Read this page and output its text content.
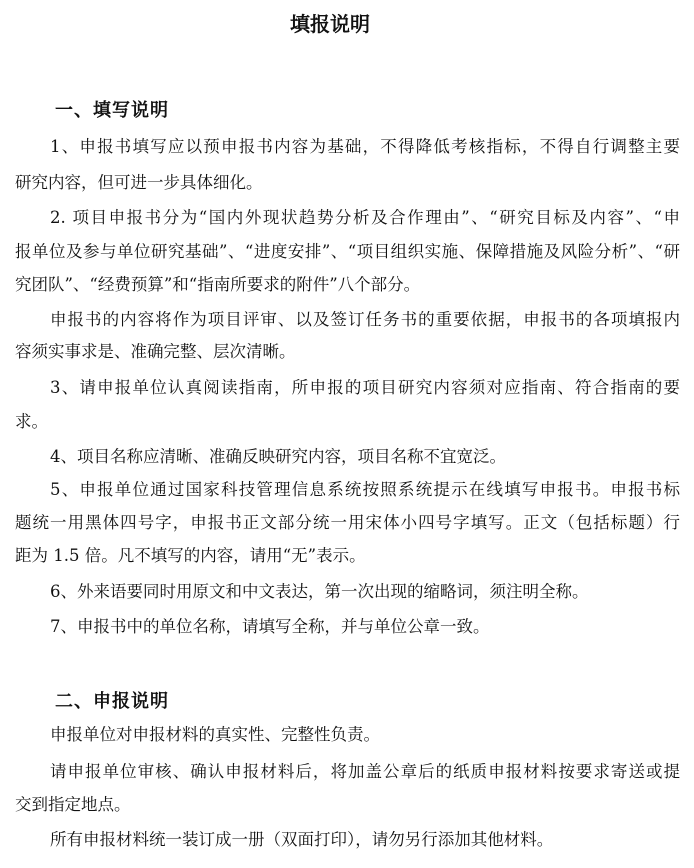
填报说明
一、填写说明
1、申报书填写应以预申报书内容为基础，不得降低考核指标，不得自行调整主要
研究内容，但可进一步具体细化。
2. 项目申报书分为“国内外现状趋势分析及合作理由”、“研究目标及内容”、“申
报单位及参与单位研究基础”、“进度安排”、“项目组织实施、保障措施及风险分析”、“研
究团队”、“经费预算”和“指南所要求的附件”八个部分。
申报书的内容将作为项目评审、以及签订任务书的重要依据，申报书的各项填报内
容须实事求是、准确完整、层次清晰。
3、请申报单位认真阅读指南，所申报的项目研究内容须对应指南、符合指南的要
求。
4、项目名称应清晰、准确反映研究内容，项目名称不宜宽泛。
5、申报单位通过国家科技管理信息系统按照系统提示在线填写申报书。申报书标
题统一用黑体四号字，申报书正文部分统一用宋体小四号字填写。正文（包括标题）行
距为 1.5 倍。凡不填写的内容，请用“无”表示。
6、外来语要同时用原文和中文表达，第一次出现的缩略词，须注明全称。
7、申报书中的单位名称，请填写全称，并与单位公章一致。
二、申报说明
申报单位对申报材料的真实性、完整性负责。
请申报单位审核、确认申报材料后，将加盖公章后的纸质申报材料按要求寄送或提
交到指定地点。
所有申报材料统一装订成一册（双面打印），请勿另行添加其他材料。
